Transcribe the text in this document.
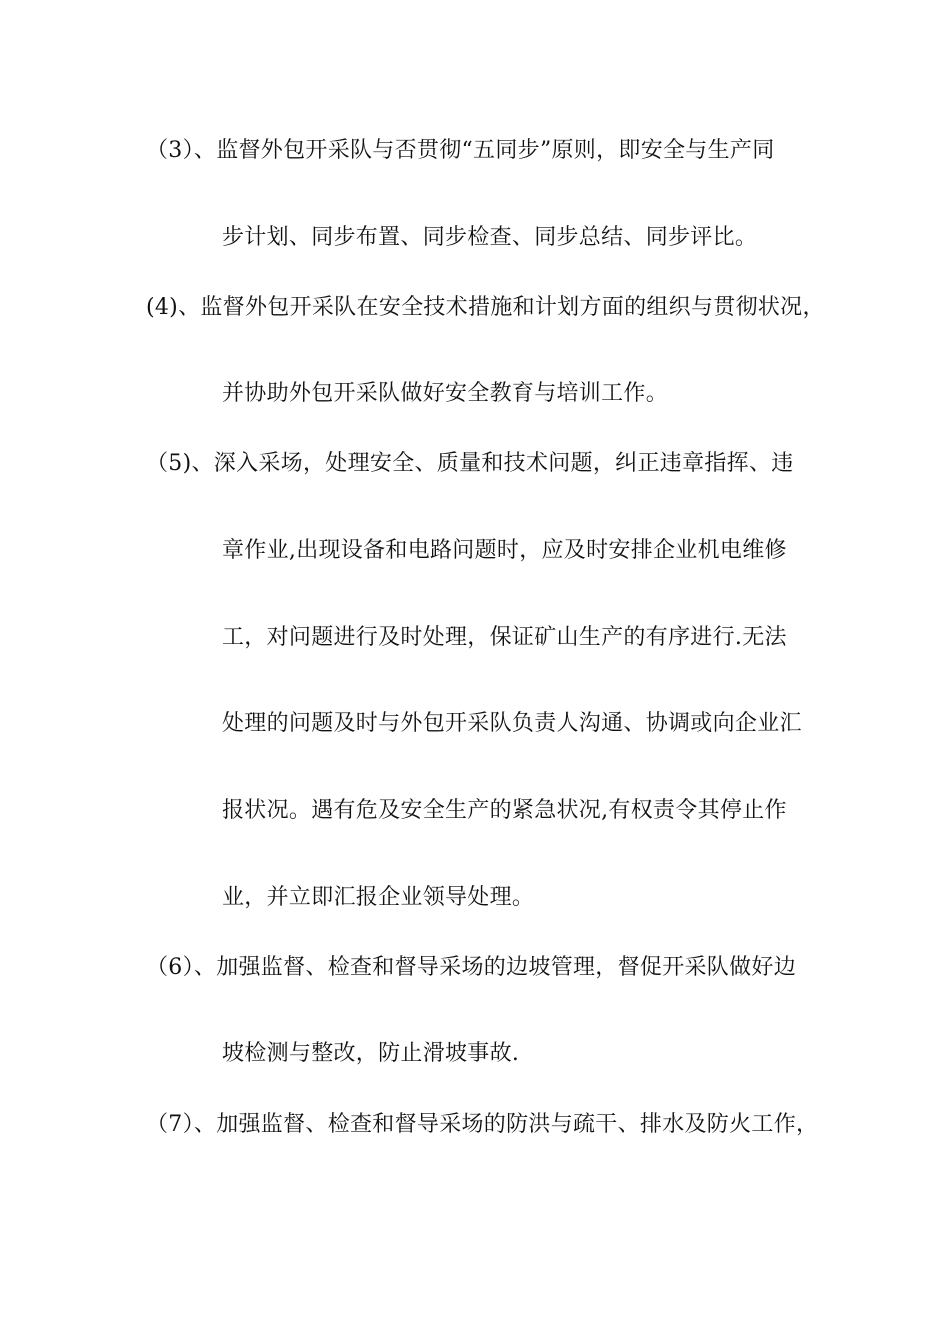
（3）、监督外包开采队与否贯彻“五同步”原则，即安全与生产同
步计划、同步布置、同步检查、同步总结、同步评比。
(4)、监督外包开采队在安全技术措施和计划方面的组织与贯彻状况，
并协助外包开采队做好安全教育与培训工作。
（5)、深入采场，处理安全、质量和技术问题，纠正违章指挥、违
章作业,出现设备和电路问题时，应及时安排企业机电维修
工，对问题进行及时处理，保证矿山生产的有序进行.无法
处理的问题及时与外包开采队负责人沟通、协调或向企业汇
报状况。遇有危及安全生产的紧急状况,有权责令其停止作
业，并立即汇报企业领导处理。
（6）、加强监督、检查和督导采场的边坡管理，督促开采队做好边
坡检测与整改，防止滑坡事故.
（7）、加强监督、检查和督导采场的防洪与疏干、排水及防火工作，
